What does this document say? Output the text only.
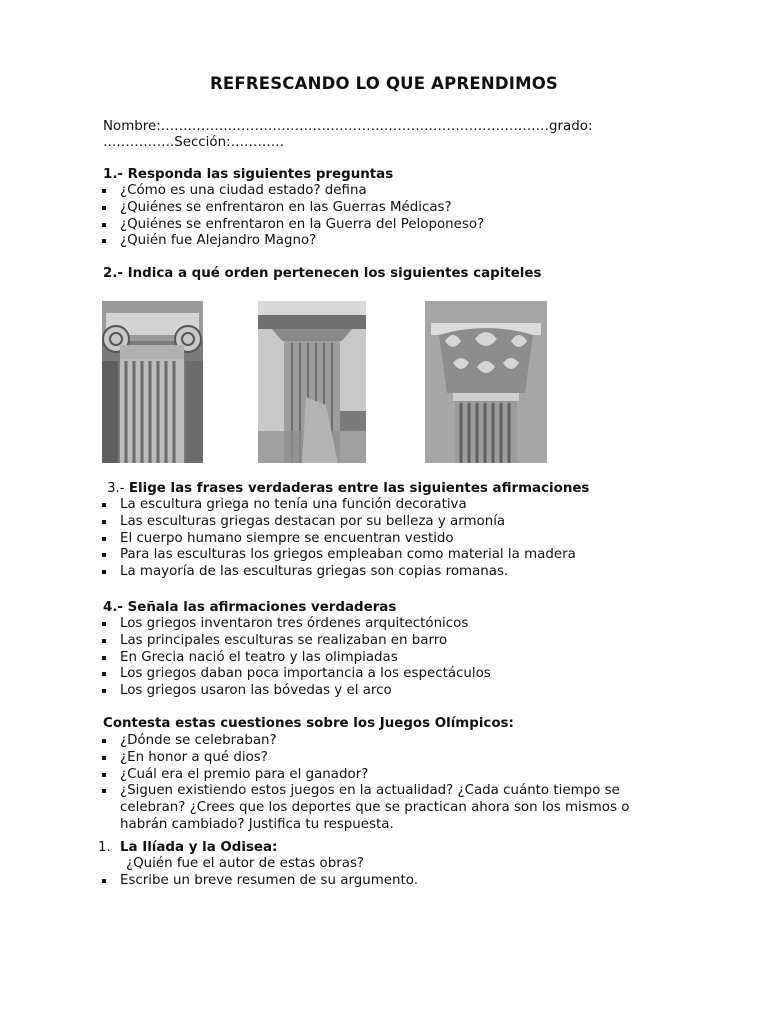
REFRESCANDO LO QUE APRENDIMOS
Nombre:……………………………………………………………………………grado:
…………….Sección:…………
1.- Responda las siguientes preguntas
¿Cómo es una ciudad estado? defina
¿Quiénes se enfrentaron en las Guerras Médicas?
¿Quiénes se enfrentaron en la Guerra del Peloponeso?
¿Quién fue Alejandro Magno?
2.- Indica a qué orden pertenecen los siguientes capiteles
3.- Elige las frases verdaderas entre las siguientes afirmaciones
La escultura griega no tenía una función decorativa
Las esculturas griegas destacan por su belleza y armonía
El cuerpo humano siempre se encuentran vestido
Para las esculturas los griegos empleaban como material la madera
La mayoría de las esculturas griegas son copias romanas.
4.- Señala las afirmaciones verdaderas
Los griegos inventaron tres órdenes arquitectónicos
Las principales esculturas se realizaban en barro
En Grecia nació el teatro y las olimpiadas
Los griegos daban poca importancia a los espectáculos
Los griegos usaron las bóvedas y el arco
Contesta estas cuestiones sobre los Juegos Olímpicos:
¿Dónde se celebraban?
¿En honor a qué dios?
¿Cuál era el premio para el ganador?
¿Siguen existiendo estos juegos en la actualidad? ¿Cada cuánto tiempo se celebran? ¿Crees que los deportes que se practican ahora son los mismos o habrán cambiado? Justifica tu respuesta.
1. La Ilíada y la Odisea:
¿Quién fue el autor de estas obras?
Escribe un breve resumen de su argumento.
